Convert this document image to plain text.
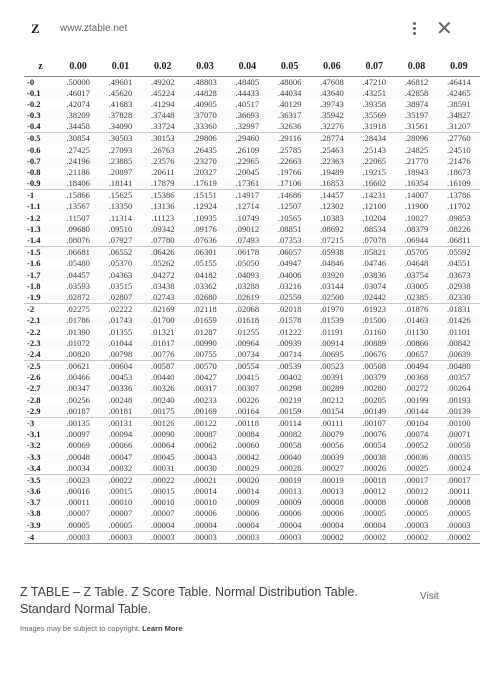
Z	www.ztable.net	✕
z	0.00	0.01	0.02	0.03	0.04	0.05	0.06	0.07	0.08	0.09
-0	.50000	.49601	.49202	.48803	.48405	.48006	.47608	.47210	.46812	.46414
-0.1	.46017	.45620	.45224	.44828	.44433	.44034	.43640	.43251	.42858	.42465
-0.2	.42074	.41683	.41294	.40905	.40517	.40129	.39743	.39358	.38974	.38591
-0.3	.38209	.37828	.37448	.37070	.36693	.36317	.35942	.35569	.35197	.34827
-0.4	.34458	.34090	.33724	.33360	.32997	.32636	.32276	.31918	.31561	.31207
-0.5	.30854	.30503	.30153	.29806	.29460	.29116	.28774	.28434	.28096	.27760
-0.6	.27425	.27093	.26763	.26435	.26109	.25785	.25463	.25143	.24825	.24510
-0.7	.24196	.23885	.23576	.23270	.22965	.22663	.22363	.22065	.21770	.21476
-0.8	.21186	.20897	.20611	.20327	.20045	.19766	.19489	.19215	.18943	.18673
-0.9	.18406	.18141	.17879	.17619	.17361	.17106	.16853	.16602	.16354	.16109
-1	.15866	.15625	.15386	.15151	.14917	.14686	.14457	.14231	.14007	.13786
-1.1	.13567	.13350	.13136	.12924	.12714	.12507	.12302	.12100	.11900	.11702
-1.2	.11507	.11314	.11123	.10935	.10749	.10565	.10383	.10204	.10027	.09853
-1.3	.09680	.09510	.09342	.09176	.09012	.08851	.08692	.08534	.08379	.08226
-1.4	.08076	.07927	.07780	.07636	.07493	.07353	.07215	.07078	.06944	.06811
-1.5	.06681	.06552	.06426	.06301	.06178	.06057	.05938	.05821	.05705	.05592
-1.6	.05480	.05370	.05262	.05155	.05050	.04947	.04846	.04746	.04648	.04551
-1.7	.04457	.04363	.04272	.04182	.04093	.04006	.03920	.03836	.03754	.03673
-1.8	.03593	.03515	.03438	.03362	.03288	.03216	.03144	.03074	.03005	.02938
-1.9	.02872	.02807	.02743	.02680	.02619	.02559	.02500	.02442	.02385	.02330
-2	.02275	.02222	.02169	.02118	.02068	.02018	.01970	.01923	.01876	.01831
-2.1	.01786	.01743	.01700	.01659	.01618	.01578	.01539	.01500	.01463	.01426
-2.2	.01390	.01355	.01321	.01287	.01255	.01222	.01191	.01160	.01130	.01101
-2.3	.01072	.01044	.01017	.00990	.00964	.00939	.00914	.00889	.00866	.00842
-2.4	.00820	.00798	.00776	.00755	.00734	.00714	.00695	.00676	.00657	.00639
-2.5	.00621	.00604	.00587	.00570	.00554	.00539	.00523	.00508	.00494	.00480
-2.6	.00466	.00453	.00440	.00427	.00415	.00402	.00391	.00379	.00368	.00357
-2.7	.00347	.00336	.00326	.00317	.00307	.00298	.00289	.00280	.00272	.00264
-2.8	.00256	.00248	.00240	.00233	.00226	.00219	.00212	.00205	.00199	.00193
-2.9	.00187	.00181	.00175	.00169	.00164	.00159	.00154	.00149	.00144	.00139
-3	.00135	.00131	.00126	.00122	.00118	.00114	.00111	.00107	.00104	.00100
-3.1	.00097	.00094	.00090	.00087	.00084	.00082	.00079	.00076	.00074	.00071
-3.2	.00069	.00066	.00064	.00062	.00060	.00058	.00056	.00054	.00052	.00050
-3.3	.00048	.00047	.00045	.00043	.00042	.00040	.00039	.00038	.00036	.00035
-3.4	.00034	.00032	.00031	.00030	.00029	.00028	.00027	.00026	.00025	.00024
-3.5	.00023	.00022	.00022	.00021	.00020	.00019	.00019	.00018	.00017	.00017
-3.6	.00016	.00015	.00015	.00014	.00014	.00013	.00013	.00012	.00012	.00011
-3.7	.00011	.00010	.00010	.00010	.00009	.00009	.00008	.00008	.00008	.00008
-3.8	.00007	.00007	.00007	.00006	.00006	.00006	.00006	.00005	.00005	.00005
-3.9	.00005	.00005	.00004	.00004	.00004	.00004	.00004	.00004	.00003	.00003
-4	.00003	.00003	.00003	.00003	.00003	.00003	.00002	.00002	.00002	.00002
Z TABLE – Z Table. Z Score Table. Normal Distribution Table. Standard Normal Table.
Visit
Images may be subject to copyright. Learn More
